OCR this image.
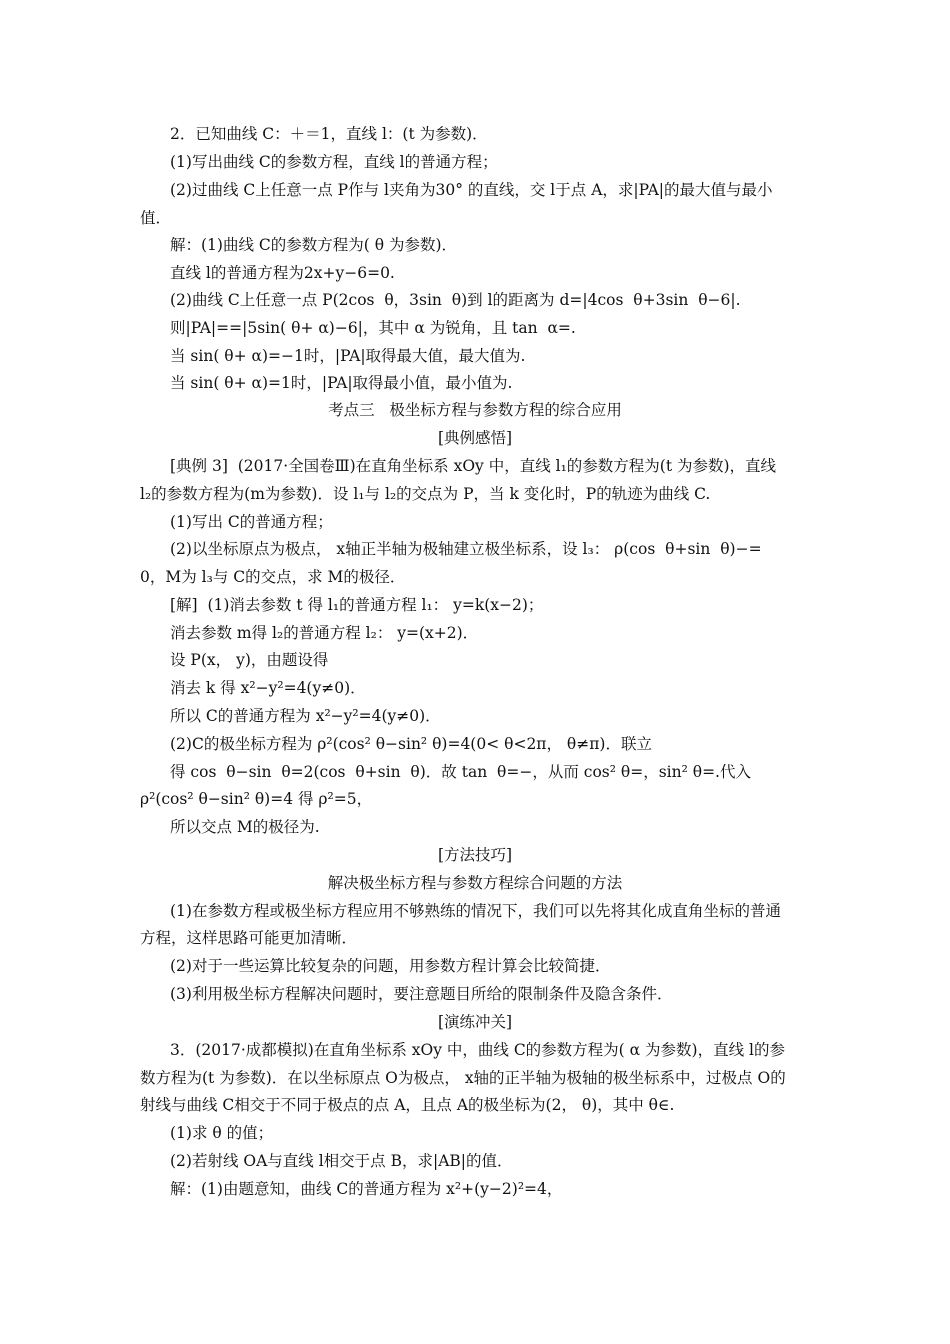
2．已知曲线 C：＋＝1，直线 l：(t 为参数)．
(1)写出曲线 C的参数方程，直线 l的普通方程；
(2)过曲线 C上任意一点 P作与 l夹角为30° 的直线，交 l于点 A，求|PA|的最大值与最小
值．
解：(1)曲线 C的参数方程为( θ 为参数)．
直线 l的普通方程为2x+y−6=0.
(2)曲线 C上任意一点 P(2cos  θ，3sin  θ)到 l的距离为 d=|4cos  θ+3sin  θ−6|.
则|PA|==|5sin( θ+ α)−6|，其中 α 为锐角，且 tan  α=.
当 sin( θ+ α)=−1时，|PA|取得最大值，最大值为.
当 sin( θ+ α)=1时，|PA|取得最小值，最小值为.
考点三   极坐标方程与参数方程的综合应用
[典例感悟]
[典例 3]  (2017·全国卷Ⅲ)在直角坐标系 xOy 中，直线 l₁的参数方程为(t 为参数)，直线
l₂的参数方程为(m为参数)．设 l₁与 l₂的交点为 P，当 k 变化时，P的轨迹为曲线 C.
(1)写出 C的普通方程；
(2)以坐标原点为极点， x轴正半轴为极轴建立极坐标系，设 l₃： ρ(cos  θ+sin  θ)−=
0，M为 l₃与 C的交点，求 M的极径．
[解]  (1)消去参数 t 得 l₁的普通方程 l₁： y=k(x−2)；
消去参数 m得 l₂的普通方程 l₂： y=(x+2)．
设 P(x， y)，由题设得
消去 k 得 x²−y²=4(y≠0)．
所以 C的普通方程为 x²−y²=4(y≠0)．
(2)C的极坐标方程为 ρ²(cos² θ−sin² θ)=4(0< θ<2π， θ≠π)．联立
得 cos  θ−sin  θ=2(cos  θ+sin  θ)．故 tan  θ=−，从而 cos² θ=，sin² θ=.代入
ρ²(cos² θ−sin² θ)=4 得 ρ²=5，
所以交点 M的极径为.
[方法技巧]
解决极坐标方程与参数方程综合问题的方法
(1)在参数方程或极坐标方程应用不够熟练的情况下，我们可以先将其化成直角坐标的普通
方程，这样思路可能更加清晰．
(2)对于一些运算比较复杂的问题，用参数方程计算会比较简捷．
(3)利用极坐标方程解决问题时，要注意题目所给的限制条件及隐含条件．
[演练冲关]
3．(2017·成都模拟)在直角坐标系 xOy 中，曲线 C的参数方程为( α 为参数)，直线 l的参
数方程为(t 为参数)．在以坐标原点 O为极点， x轴的正半轴为极轴的极坐标系中，过极点 O的
射线与曲线 C相交于不同于极点的点 A，且点 A的极坐标为(2， θ)，其中 θ∈.
(1)求 θ 的值；
(2)若射线 OA与直线 l相交于点 B，求|AB|的值．
解：(1)由题意知，曲线 C的普通方程为 x²+(y−2)²=4，
